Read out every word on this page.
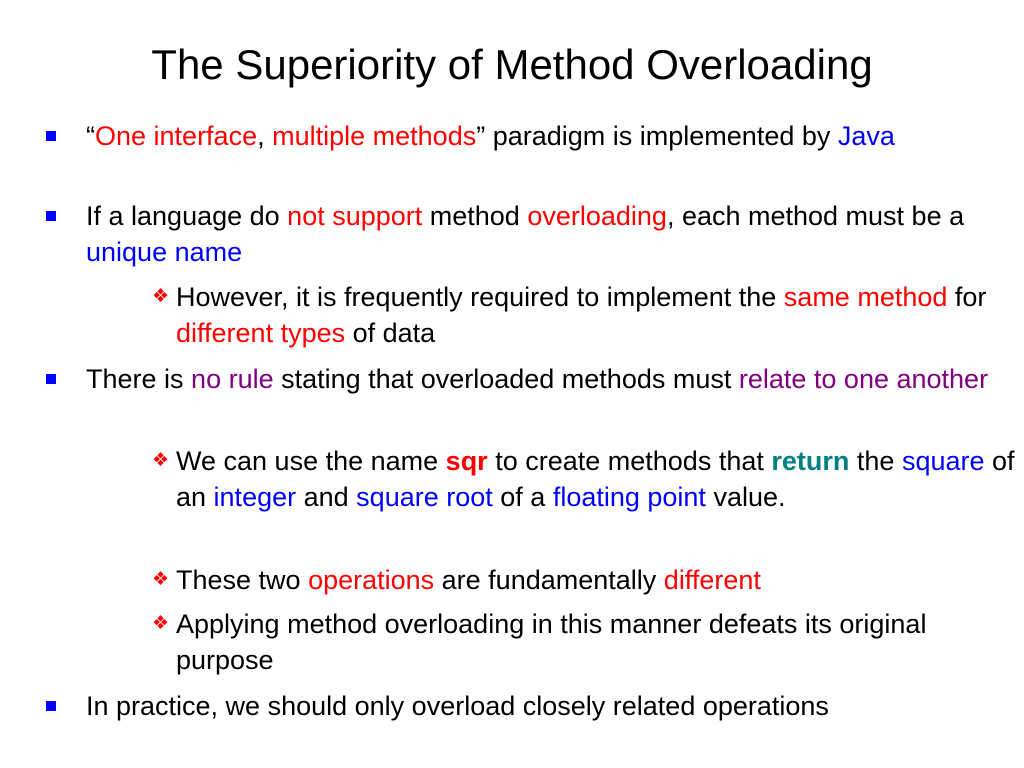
The Superiority of Method Overloading

“One interface, multiple methods” paradigm is implemented by Java

If a language do not support method overloading, each method must be a unique name

❖ However, it is frequently required to implement the same method for different types of data

There is no rule stating that overloaded methods must relate to one another

❖ We can use the name sqr to create methods that return the square of an integer and square root of a floating point value.

❖ These two operations are fundamentally different

❖ Applying method overloading in this manner defeats its original purpose

In practice, we should only overload closely related operations
